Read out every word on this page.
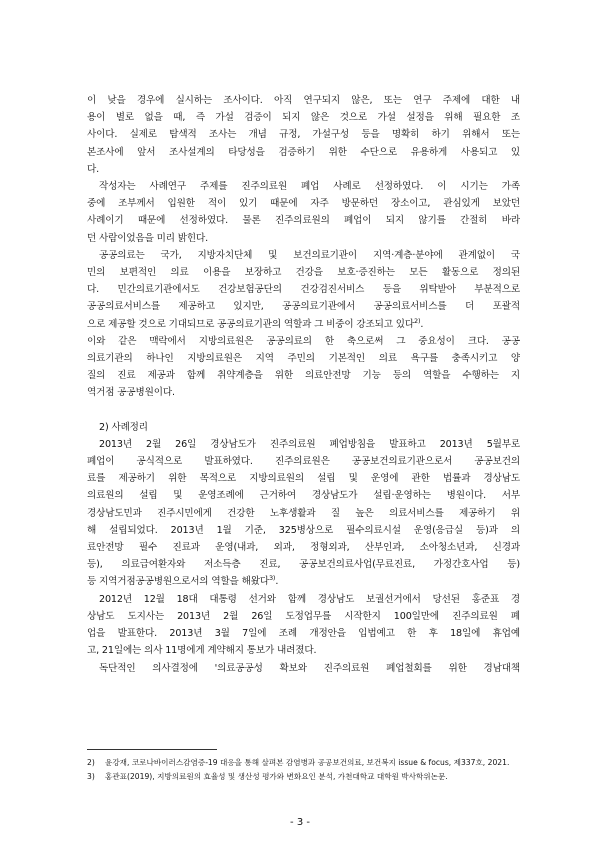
이 낮을 경우에 실시하는 조사이다. 아직 연구되지 않은, 또는 연구 주제에 대한 내
용이 별로 없을 때, 즉 가설 검증이 되지 않은 것으로 가설 설정을 위해 필요한 조
사이다. 실제로 탐색적 조사는 개념 규정, 가설구성 등을 명확히 하기 위해서 또는
본조사에 앞서 조사설계의 타당성을 검증하기 위한 수단으로 유용하게 사용되고 있
다.
작성자는 사례연구 주제를 진주의료원 폐업 사례로 선정하였다. 이 시기는 가족
중에 조부께서 입원한 적이 있기 때문에 자주 방문하던 장소이고, 관심있게 보았던
사례이기 때문에 선정하였다. 물론 진주의료원의 폐업이 되지 않기를 간절히 바라
던 사람이었음을 미리 밝힌다.
공공의료는 국가, 지방자치단체 및 보건의료기관이 지역·계층·분야에 관계없이 국
민의 보편적인 의료 이용을 보장하고 건강을 보호·증진하는 모든 활동으로 정의된
다. 민간의료기관에서도 건강보험공단의 건강검진서비스 등을 위탁받아 부분적으로
공공의료서비스를 제공하고 있지만, 공공의료기관에서 공공의료서비스를 더 포괄적
으로 제공할 것으로 기대되므로 공공의료기관의 역할과 그 비중이 강조되고 있다$^{2)}$.
이와 같은 맥락에서 지방의료원은 공공의료의 한 축으로써 그 중요성이 크다. 공공
의료기관의 하나인 지방의료원은 지역 주민의 기본적인 의료 욕구를 충족시키고 양
질의 진료 제공과 함께 취약계층을 위한 의료안전망 기능 등의 역할을 수행하는 지
역거점 공공병원이다.

2) 사례정리

2013년 2월 26일 경상남도가 진주의료원 폐업방침을 발표하고 2013년 5월부로
폐업이 공식적으로 발표하였다. 진주의료원은 공공보건의료기관으로서 공공보건의
료를 제공하기 위한 목적으로 지방의료원의 설립 및 운영에 관한 법률과 경상남도
의료원의 설립 및 운영조례에 근거하여 경상남도가 설립·운영하는 병원이다. 서부
경상남도민과 진주시민에게 건강한 노후생활과 질 높은 의료서비스를 제공하기 위
해 설립되었다. 2013년 1월 기준, 325병상으로 필수의료시설 운영(응급실 등)과 의
료안전망 필수 진료과 운영(내과, 외과, 정형외과, 산부인과, 소아청소년과, 신경과
등), 의료급여환자와 저소득층 진료, 공공보건의료사업(무료진료, 가정간호사업 등)
등 지역거점공공병원으로서의 역할을 해왔다$^{3)}$.
2012년 12월 18대 대통령 선거와 함께 경상남도 보궐선거에서 당선된 홍준표 경
상남도 도지사는 2013년 2월 26일 도정업무를 시작한지 100일만에 진주의료원 폐
업을 발표한다. 2013년 3월 7일에 조례 개정안을 입법예고 한 후 18일에 휴업예
고, 21일에는 의사 11명에게 계약해지 통보가 내려졌다.
독단적인 의사결정에 '의료공공성 확보와 진주의료원 폐업철회를 위한 경남대책
2)	윤강재, 코로나바이러스감염증-19 대응을 통해 살펴본 감염병과 공공보건의료, 보건복지 issue & focus, 제337호, 2021.
3)	홍관표(2019), 지방의료원의 효율성 및 생산성 평가와 변화요인 분석, 가천대학교 대학원 박사학위논문.
- 3 -
